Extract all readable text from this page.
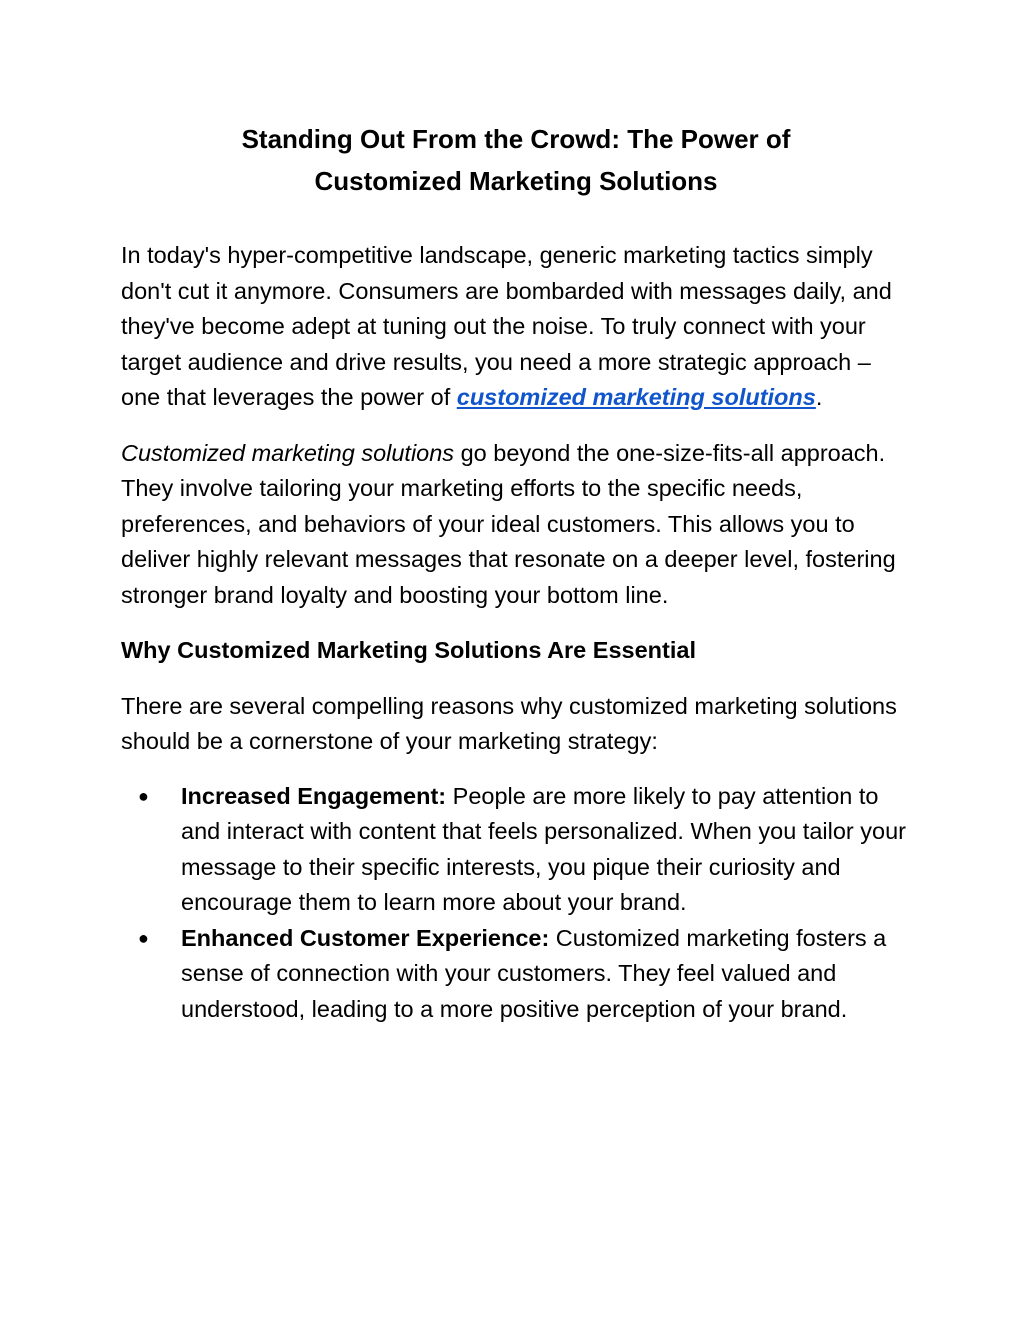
Standing Out From the Crowd: The Power of
Customized Marketing Solutions

In today's hyper-competitive landscape, generic marketing tactics simply don't cut it anymore. Consumers are bombarded with messages daily, and they've become adept at tuning out the noise. To truly connect with your target audience and drive results, you need a more strategic approach – one that leverages the power of customized marketing solutions.

Customized marketing solutions go beyond the one-size-fits-all approach. They involve tailoring your marketing efforts to the specific needs, preferences, and behaviors of your ideal customers. This allows you to deliver highly relevant messages that resonate on a deeper level, fostering stronger brand loyalty and boosting your bottom line.

Why Customized Marketing Solutions Are Essential

There are several compelling reasons why customized marketing solutions should be a cornerstone of your marketing strategy:

● Increased Engagement: People are more likely to pay attention to and interact with content that feels personalized. When you tailor your message to their specific interests, you pique their curiosity and encourage them to learn more about your brand.
● Enhanced Customer Experience: Customized marketing fosters a sense of connection with your customers. They feel valued and understood, leading to a more positive perception of your brand.
